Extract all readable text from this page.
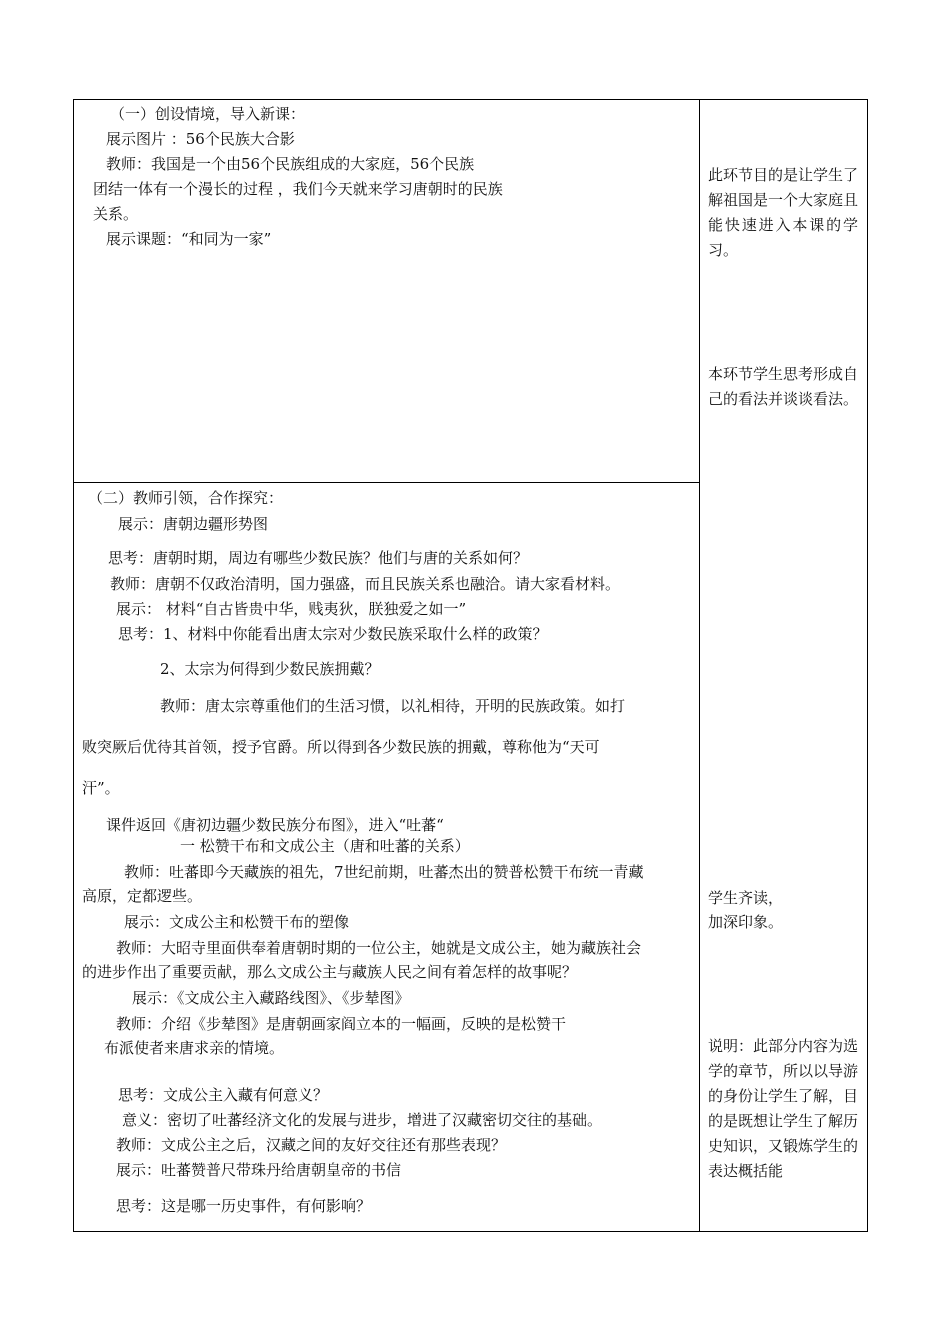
（一）创设情境，导入新课：
展示图片 ：56个民族大合影
教师：我国是一个由56个民族组成的大家庭，56个民族
团结一体有一个漫长的过程 ，我们今天就来学习唐朝时的民族
关系。
展示课题：“和同为一家”
（二）教师引领，合作探究：
展示：唐朝边疆形势图
思考：唐朝时期，周边有哪些少数民族？他们与唐的关系如何？
教师：唐朝不仅政治清明，国力强盛，而且民族关系也融洽。请大家看材料。
展示： 材料“自古皆贵中华，贱夷狄，朕独爱之如一”
思考：1、材料中你能看出唐太宗对少数民族采取什么样的政策？
2、太宗为何得到少数民族拥戴？
教师：唐太宗尊重他们的生活习惯，以礼相待，开明的民族政策。如打
败突厥后优待其首领，授予官爵。所以得到各少数民族的拥戴，尊称他为“天可
汗”。
课件返回《唐初边疆少数民族分布图》，进入“吐蕃“
一 松赞干布和文成公主（唐和吐蕃的关系）
教师：吐蕃即今天藏族的祖先，7世纪前期，吐蕃杰出的赞普松赞干布统一青藏
高原，定都逻些。
展示：文成公主和松赞干布的塑像
教师：大昭寺里面供奉着唐朝时期的一位公主，她就是文成公主，她为藏族社会
的进步作出了重要贡献，那么文成公主与藏族人民之间有着怎样的故事呢？
展示：《文成公主入藏路线图》、《步辇图》
教师：介绍《步辇图》是唐朝画家阎立本的一幅画，反映的是松赞干
布派使者来唐求亲的情境。
思考：文成公主入藏有何意义？
意义：密切了吐蕃经济文化的发展与进步，增进了汉藏密切交往的基础。
教师：文成公主之后，汉藏之间的友好交往还有那些表现？
展示：吐蕃赞普尺带珠丹给唐朝皇帝的书信
思考：这是哪一历史事件，有何影响？
此环节目的是让学生了解祖国是一个大家庭且能快速进入本课的学习。
本环节学生思考形成自己的看法并谈谈看法。
学生齐读，
加深印象。
说明：此部分内容为选学的章节，所以以导游的身份让学生了解，目的是既想让学生了解历史知识，又锻炼学生的表达概括能
